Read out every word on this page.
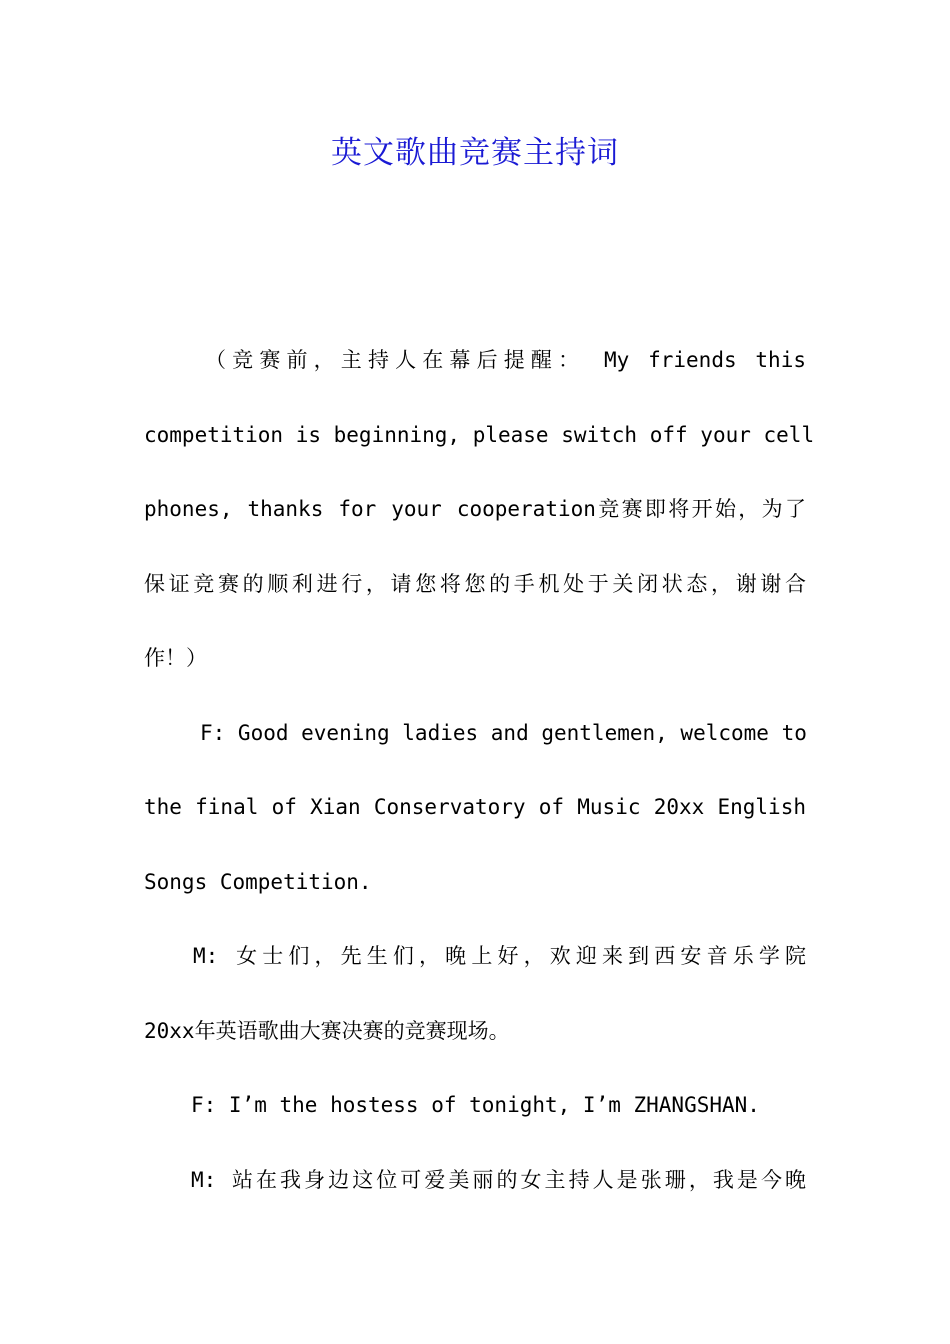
英文歌曲竞赛主持词
（竞赛前，主持人在幕后提醒： My friends this
competition is beginning, please switch off your cell
phones, thanks for your cooperation竞赛即将开始，为了
保证竞赛的顺利进行，请您将您的手机处于关闭状态，谢谢合
作！）
F: Good evening ladies and gentlemen, welcome to
the final of Xian Conservatory of Music 20xx English
Songs Competition.
M: 女士们，先生们，晚上好，欢迎来到西安音乐学院
20xx年英语歌曲大赛决赛的竞赛现场。
F: I’m the hostess of tonight, I’m ZHANGSHAN.
M: 站在我身边这位可爱美丽的女主持人是张珊，我是今晚
